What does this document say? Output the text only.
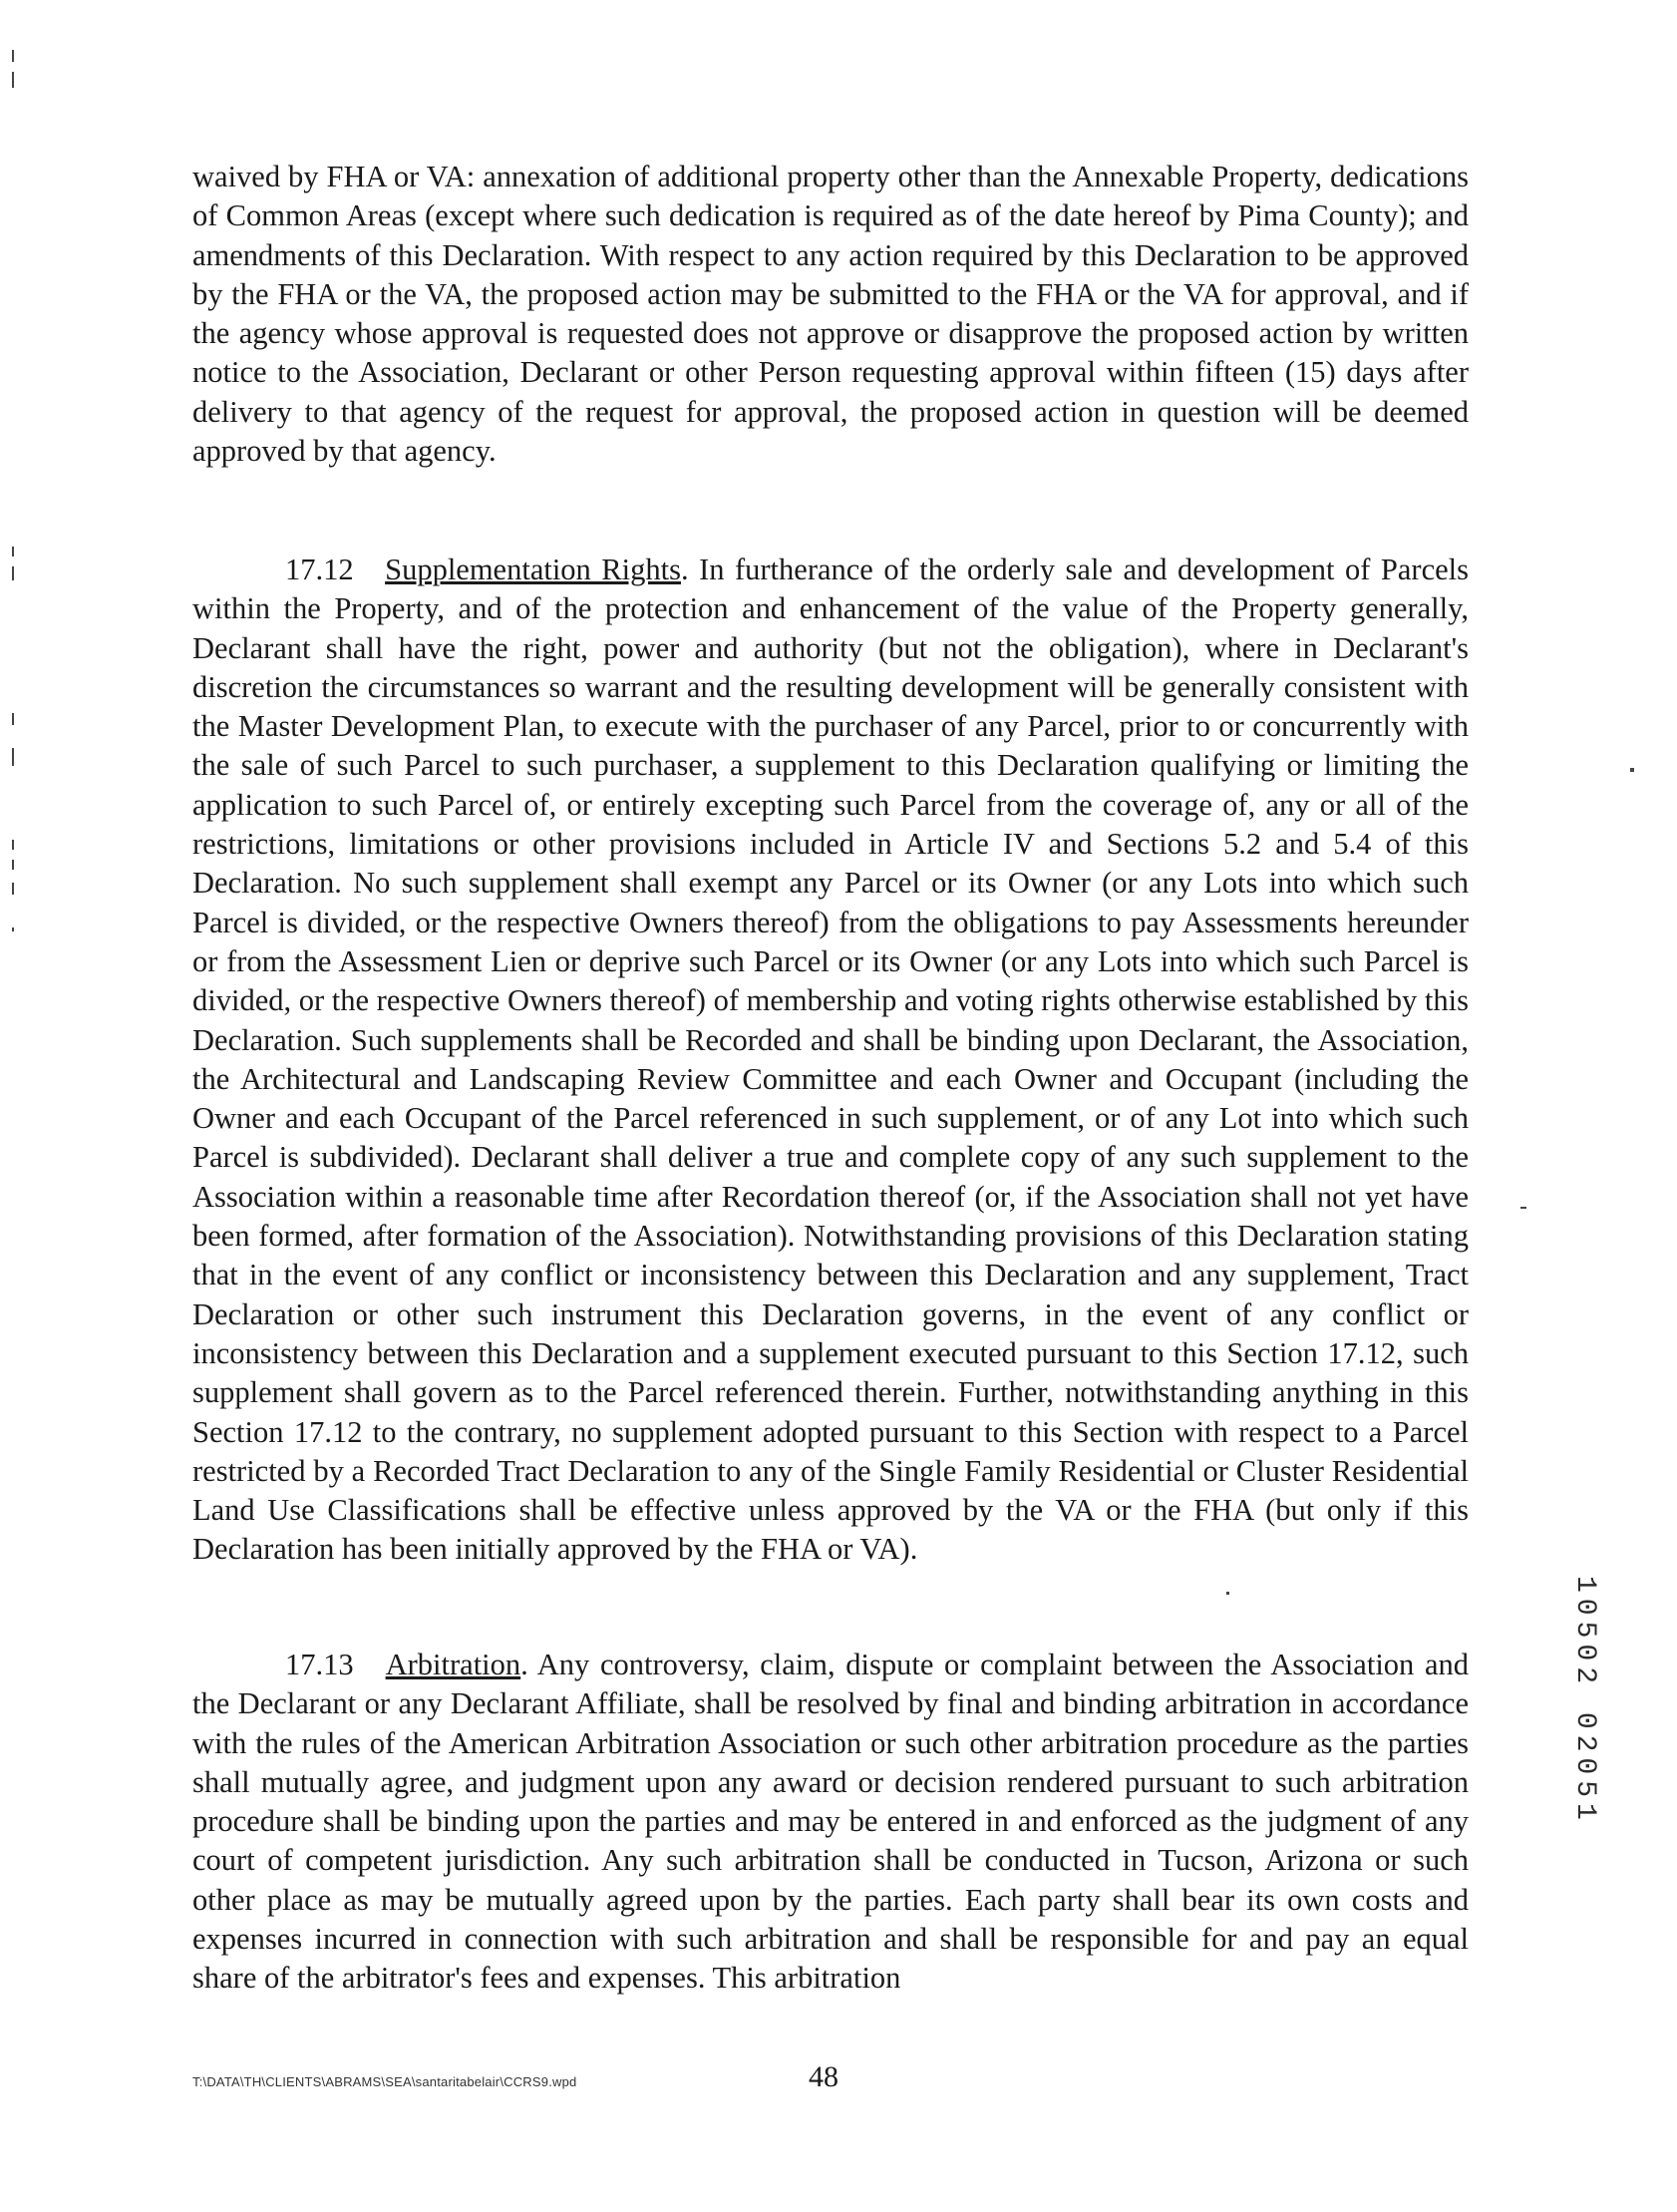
waived by FHA or VA: annexation of additional property other than the Annexable Property, dedications of Common Areas (except where such dedication is required as of the date hereof by Pima County); and amendments of this Declaration. With respect to any action required by this Declaration to be approved by the FHA or the VA, the proposed action may be submitted to the FHA or the VA for approval, and if the agency whose approval is requested does not approve or disapprove the proposed action by written notice to the Association, Declarant or other Person requesting approval within fifteen (15) days after delivery to that agency of the request for approval, the proposed action in question will be deemed approved by that agency.

17.12 Supplementation Rights. In furtherance of the orderly sale and development of Parcels within the Property, and of the protection and enhancement of the value of the Property generally, Declarant shall have the right, power and authority (but not the obligation), where in Declarant's discretion the circumstances so warrant and the resulting development will be generally consistent with the Master Development Plan, to execute with the purchaser of any Parcel, prior to or concurrently with the sale of such Parcel to such purchaser, a supplement to this Declaration qualifying or limiting the application to such Parcel of, or entirely excepting such Parcel from the coverage of, any or all of the restrictions, limitations or other provisions included in Article IV and Sections 5.2 and 5.4 of this Declaration. No such supplement shall exempt any Parcel or its Owner (or any Lots into which such Parcel is divided, or the respective Owners thereof) from the obligations to pay Assessments hereunder or from the Assessment Lien or deprive such Parcel or its Owner (or any Lots into which such Parcel is divided, or the respective Owners thereof) of membership and voting rights otherwise established by this Declaration. Such supplements shall be Recorded and shall be binding upon Declarant, the Association, the Architectural and Landscaping Review Committee and each Owner and Occupant (including the Owner and each Occupant of the Parcel referenced in such supplement, or of any Lot into which such Parcel is subdivided). Declarant shall deliver a true and complete copy of any such supplement to the Association within a reasonable time after Recordation thereof (or, if the Association shall not yet have been formed, after formation of the Association). Notwithstanding provisions of this Declaration stating that in the event of any conflict or inconsistency between this Declaration and any supplement, Tract Declaration or other such instrument this Declaration governs, in the event of any conflict or inconsistency between this Declaration and a supplement executed pursuant to this Section 17.12, such supplement shall govern as to the Parcel referenced therein. Further, notwithstanding anything in this Section 17.12 to the contrary, no supplement adopted pursuant to this Section with respect to a Parcel restricted by a Recorded Tract Declaration to any of the Single Family Residential or Cluster Residential Land Use Classifications shall be effective unless approved by the VA or the FHA (but only if this Declaration has been initially approved by the FHA or VA).

17.13 Arbitration. Any controversy, claim, dispute or complaint between the Association and the Declarant or any Declarant Affiliate, shall be resolved by final and binding arbitration in accordance with the rules of the American Arbitration Association or such other arbitration procedure as the parties shall mutually agree, and judgment upon any award or decision rendered pursuant to such arbitration procedure shall be binding upon the parties and may be entered in and enforced as the judgment of any court of competent jurisdiction. Any such arbitration shall be conducted in Tucson, Arizona or such other place as may be mutually agreed upon by the parties. Each party shall bear its own costs and expenses incurred in connection with such arbitration and shall be responsible for and pay an equal share of the arbitrator's fees and expenses. This arbitration

10502 02051
T:\DATA\TH\CLIENTS\ABRAMS\SEA\santaritabelair\CCRS9.wpd	48
